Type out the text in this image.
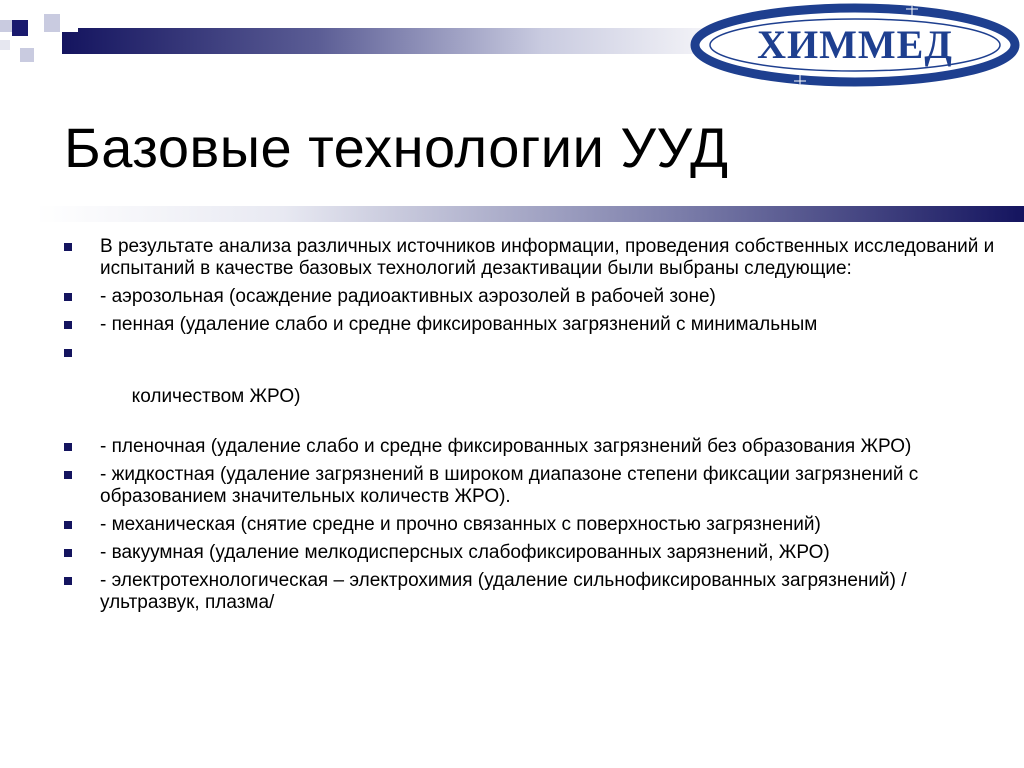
ХИММЕД
Базовые технологии УУД
В результате анализа различных источников информации, проведения собственных исследований и испытаний в качестве базовых технологий дезактивации были выбраны следующие:
- аэрозольная (осаждение радиоактивных аэрозолей в рабочей зоне)
- пенная (удаление слабо и средне фиксированных загрязнений с минимальным

количеством ЖРО)

- пленочная (удаление слабо и средне фиксированных загрязнений без образования ЖРО)
- жидкостная (удаление загрязнений в широком диапазоне степени фиксации загрязнений с образованием значительных количеств ЖРО).
- механическая (снятие средне и прочно связанных с поверхностью загрязнений)
- вакуумная (удаление мелкодисперсных слабофиксированных зарязнений, ЖРО)
- электротехнологическая – электрохимия (удаление сильнофиксированных загрязнений) /ультразвук, плазма/
